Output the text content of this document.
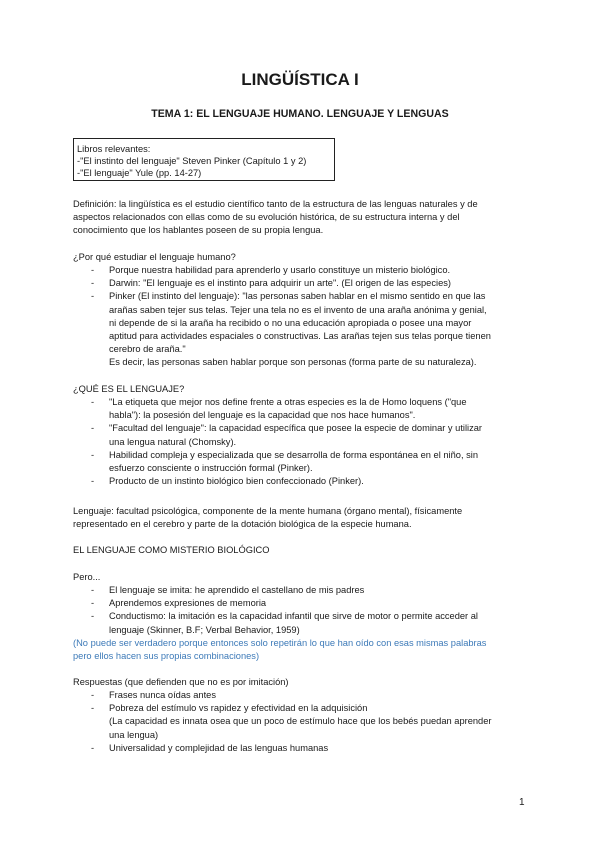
LINGÜÍSTICA I
TEMA 1: EL LENGUAJE HUMANO. LENGUAJE Y LENGUAS
Libros relevantes:
-"El instinto del lenguaje" Steven Pinker (Capítulo 1 y 2)
-"El lenguaje" Yule (pp. 14-27)
Definición: la lingüística es el estudio científico tanto de la estructura de las lenguas naturales y de
aspectos relacionados con ellas como de su evolución histórica, de su estructura interna y del
conocimiento que los hablantes poseen de su propia lengua.
¿Por qué estudiar el lenguaje humano?
- Porque nuestra habilidad para aprenderlo y usarlo constituye un misterio biológico.
- Darwin: "El lenguaje es el instinto para adquirir un arte". (El origen de las especies)
- Pinker (El instinto del lenguaje): "las personas saben hablar en el mismo sentido en que las
arañas saben tejer sus telas. Tejer una tela no es el invento de una araña anónima y genial,
ni depende de si la araña ha recibido o no una educación apropiada o posee una mayor
aptitud para actividades espaciales o constructivas. Las arañas tejen sus telas porque tienen
cerebro de araña."
Es decir, las personas saben hablar porque son personas (forma parte de su naturaleza).
¿QUÉ ES EL LENGUAJE?
- "La etiqueta que mejor nos define frente a otras especies es la de Homo loquens ("que
habla"): la posesión del lenguaje es la capacidad que nos hace humanos".
- "Facultad del lenguaje": la capacidad específica que posee la especie de dominar y utilizar
una lengua natural (Chomsky).
- Habilidad compleja y especializada que se desarrolla de forma espontánea en el niño, sin
esfuerzo consciente o instrucción formal (Pinker).
- Producto de un instinto biológico bien confeccionado (Pinker).
Lenguaje: facultad psicológica, componente de la mente humana (órgano mental), físicamente
representado en el cerebro y parte de la dotación biológica de la especie humana.
EL LENGUAJE COMO MISTERIO BIOLÓGICO
Pero...
- El lenguaje se imita: he aprendido el castellano de mis padres
- Aprendemos expresiones de memoria
- Conductismo: la imitación es la capacidad infantil que sirve de motor o permite acceder al
lenguaje (Skinner, B.F; Verbal Behavior, 1959)
(No puede ser verdadero porque entonces solo repetirán lo que han oído con esas mismas palabras
pero ellos hacen sus propias combinaciones)
Respuestas (que defienden que no es por imitación)
- Frases nunca oídas antes
- Pobreza del estímulo vs rapidez y efectividad en la adquisición
(La capacidad es innata osea que un poco de estímulo hace que los bebés puedan aprender
una lengua)
- Universalidad y complejidad de las lenguas humanas
1
